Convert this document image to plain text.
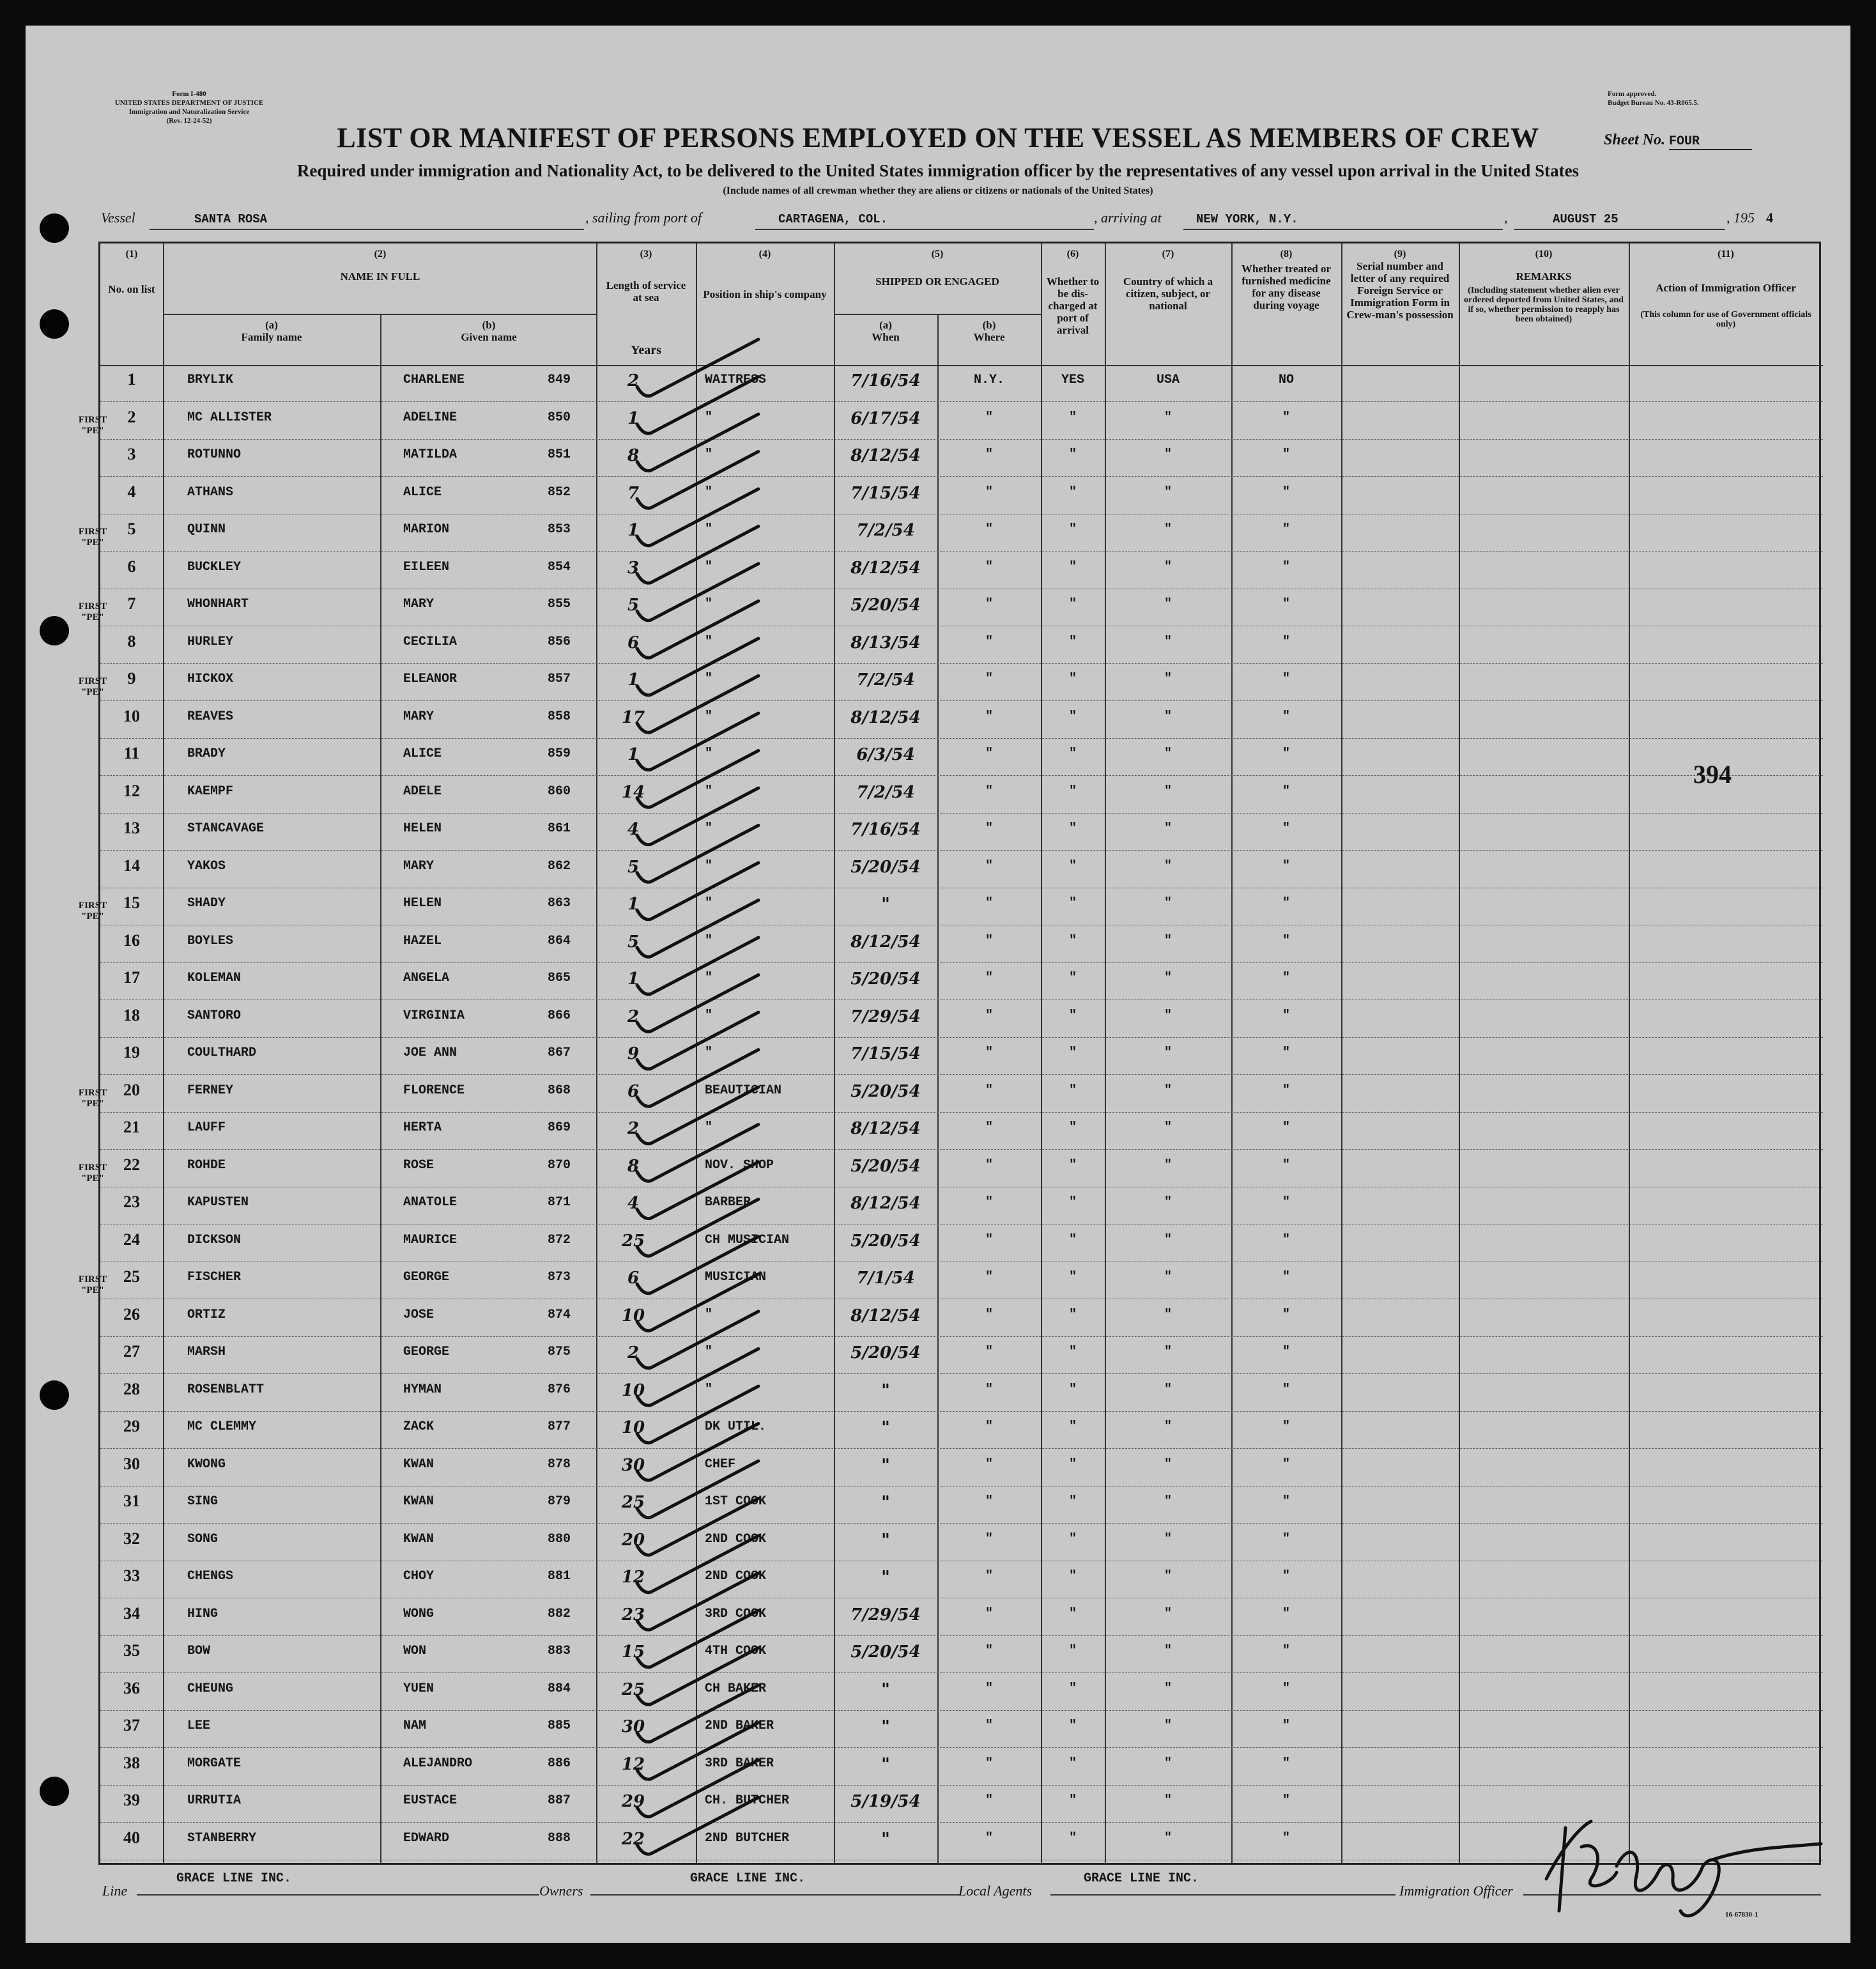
Form I-480
UNITED STATES DEPARTMENT OF JUSTICE
Immigration and Naturalization Service
(Rev. 12-24-52)
Form approved.
Budget Bureau No. 43-R065.5.
LIST OR MANIFEST OF PERSONS EMPLOYED ON THE VESSEL AS MEMBERS OF CREW	Sheet No. FOUR
Required under immigration and Nationality Act, to be delivered to the United States immigration officer by the representatives of any vessel upon arrival in the United States
(Include names of all crewman whether they are aliens or citizens or nationals of the United States)
Vessel	SANTA ROSA	, sailing from port of	CARTAGENA, COL.	, arriving at	NEW YORK, N.Y.	,	AUGUST 25	, 195 4
(1)
No. on list
(2)
NAME IN FULL
(a)
Family name
(b)
Given name
(3)
Length of service at sea
Years
(4)
Position in ship's company
(5)
SHIPPED OR ENGAGED
(a)
When
(b)
Where
(6)
Whether to be dis-charged at port of arrival
(7)
Country of which a citizen, subject, or national
(8)
Whether treated or furnished medicine for any disease during voyage
(9)
Serial number and letter of any required Foreign Service or Immigration Form in Crew-man's possession
(10)
REMARKS
(Including statement whether alien ever ordered deported from United States, and if so, whether permission to reapply has been obtained)
(11)
Action of Immigration Officer
(This column for use of Government officials only)
1	BRYLIK	CHARLENE	849	2	WAITRESS	7/16/54	N.Y.	YES	USA	NO
2	MC ALLISTER	ADELINE	850	1	"	6/17/54	"	"	"	"
3	ROTUNNO	MATILDA	851	8	"	8/12/54	"	"	"	"
4	ATHANS	ALICE	852	7	"	7/15/54	"	"	"	"
5	QUINN	MARION	853	1	"	7/2/54	"	"	"	"
6	BUCKLEY	EILEEN	854	3	"	8/12/54	"	"	"	"
7	WHONHART	MARY	855	5	"	5/20/54	"	"	"	"
8	HURLEY	CECILIA	856	6	"	8/13/54	"	"	"	"
9	HICKOX	ELEANOR	857	1	"	7/2/54	"	"	"	"
10	REAVES	MARY	858	17	"	8/12/54	"	"	"	"
11	BRADY	ALICE	859	1	"	6/3/54	"	"	"	"
12	KAEMPF	ADELE	860	14	"	7/2/54	"	"	"	"
13	STANCAVAGE	HELEN	861	4	"	7/16/54	"	"	"	"
14	YAKOS	MARY	862	5	"	5/20/54	"	"	"	"
15	SHADY	HELEN	863	1	"	"	"	"	"	"
16	BOYLES	HAZEL	864	5	"	8/12/54	"	"	"	"
17	KOLEMAN	ANGELA	865	1	"	5/20/54	"	"	"	"
18	SANTORO	VIRGINIA	866	2	"	7/29/54	"	"	"	"
19	COULTHARD	JOE ANN	867	9	"	7/15/54	"	"	"	"
20	FERNEY	FLORENCE	868	6	BEAUTICIAN	5/20/54	"	"	"	"
21	LAUFF	HERTA	869	2	"	8/12/54	"	"	"	"
22	ROHDE	ROSE	870	8	NOV. SHOP	5/20/54	"	"	"	"
23	KAPUSTEN	ANATOLE	871	4	BARBER	8/12/54	"	"	"	"
24	DICKSON	MAURICE	872	25	CH MUSICIAN	5/20/54	"	"	"	"
25	FISCHER	GEORGE	873	6	MUSICIAN	7/1/54	"	"	"	"
26	ORTIZ	JOSE	874	10	"	8/12/54	"	"	"	"
27	MARSH	GEORGE	875	2	"	5/20/54	"	"	"	"
28	ROSENBLATT	HYMAN	876	10	"	"	"	"	"	"
29	MC CLEMMY	ZACK	877	10	DK UTIL.	"	"	"	"	"
30	KWONG	KWAN	878	30	CHEF	"	"	"	"	"
31	SING	KWAN	879	25	1ST COOK	"	"	"	"	"
32	SONG	KWAN	880	20	2ND COOK	"	"	"	"	"
33	CHENGS	CHOY	881	12	2ND COOK	"	"	"	"	"
34	HING	WONG	882	23	3RD COOK	7/29/54	"	"	"	"
35	BOW	WON	883	15	4TH COOK	5/20/54	"	"	"	"
36	CHEUNG	YUEN	884	25	CH BAKER	"	"	"	"	"
37	LEE	NAM	885	30	2ND BAKER	"	"	"	"	"
38	MORGATE	ALEJANDRO	886	12	3RD BAKER	"	"	"	"	"
39	URRUTIA	EUSTACE	887	29	CH. BUTCHER	5/19/54	"	"	"	"
40	STANBERRY	EDWARD	888	22	2ND BUTCHER	"	"	"	"	"
FIRST
"PE"
FIRST
"PE"
FIRST
"PE"
FIRST
"PE"
FIRST
"PE"
FIRST
"PE"
FIRST
"PE"
FIRST
"PE"
394
Line
GRACE LINE INC.
Owners
GRACE LINE INC.
Local Agents
GRACE LINE INC.
Immigration Officer
16-67830-1
